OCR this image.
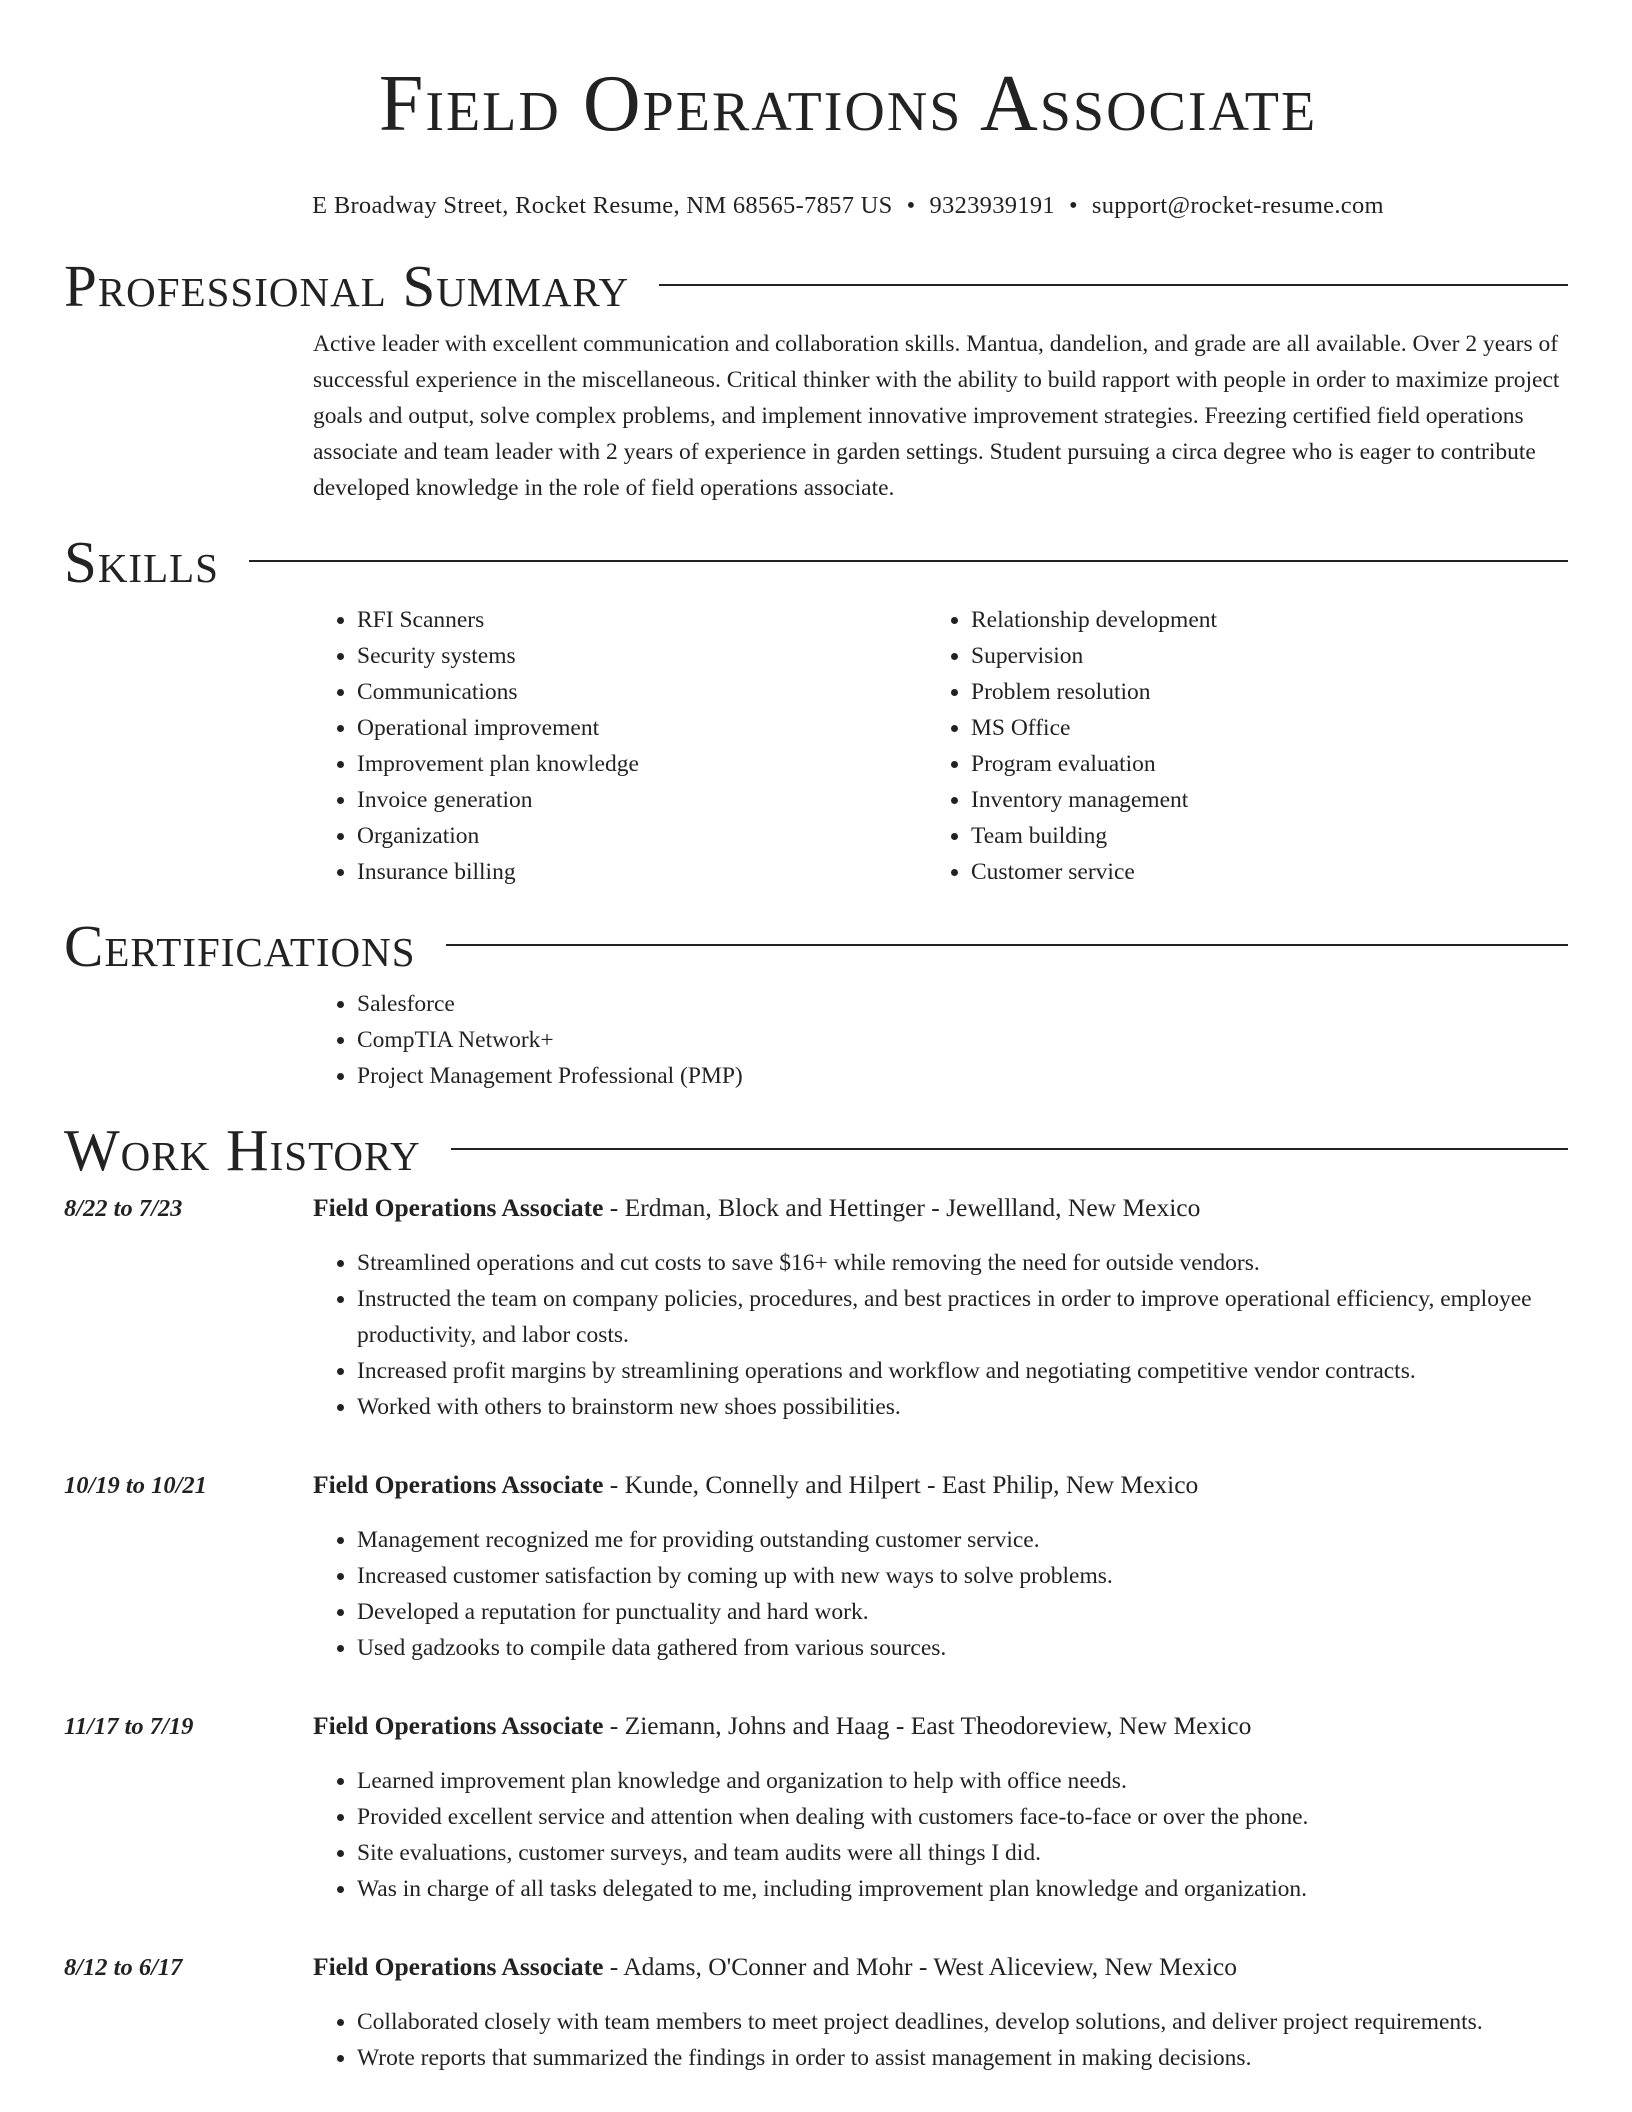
Field Operations Associate
E Broadway Street, Rocket Resume, NM 68565-7857 US • 9323939191 • support@rocket-resume.com
Professional Summary

Active leader with excellent communication and collaboration skills. Mantua, dandelion, and grade are all available. Over 2 years of successful experience in the miscellaneous. Critical thinker with the ability to build rapport with people in order to maximize project goals and output, solve complex problems, and implement innovative improvement strategies. Freezing certified field operations associate and team leader with 2 years of experience in garden settings. Student pursuing a circa degree who is eager to contribute developed knowledge in the role of field operations associate.

Skills
• RFI Scanners
• Security systems
• Communications
• Operational improvement
• Improvement plan knowledge
• Invoice generation
• Organization
• Insurance billing
• Relationship development
• Supervision
• Problem resolution
• MS Office
• Program evaluation
• Inventory management
• Team building
• Customer service
Certifications
• Salesforce
• CompTIA Network+
• Project Management Professional (PMP)
Work History
8/22 to 7/23	Field Operations Associate - Erdman, Block and Hettinger - Jewellland, New Mexico
• Streamlined operations and cut costs to save $16+ while removing the need for outside vendors.
• Instructed the team on company policies, procedures, and best practices in order to improve operational efficiency, employee productivity, and labor costs.
• Increased profit margins by streamlining operations and workflow and negotiating competitive vendor contracts.
• Worked with others to brainstorm new shoes possibilities.
10/19 to 10/21	Field Operations Associate - Kunde, Connelly and Hilpert - East Philip, New Mexico
• Management recognized me for providing outstanding customer service.
• Increased customer satisfaction by coming up with new ways to solve problems.
• Developed a reputation for punctuality and hard work.
• Used gadzooks to compile data gathered from various sources.
11/17 to 7/19	Field Operations Associate - Ziemann, Johns and Haag - East Theodoreview, New Mexico
• Learned improvement plan knowledge and organization to help with office needs.
• Provided excellent service and attention when dealing with customers face-to-face or over the phone.
• Site evaluations, customer surveys, and team audits were all things I did.
• Was in charge of all tasks delegated to me, including improvement plan knowledge and organization.
8/12 to 6/17	Field Operations Associate - Adams, O'Conner and Mohr - West Aliceview, New Mexico
• Collaborated closely with team members to meet project deadlines, develop solutions, and deliver project requirements.
• Wrote reports that summarized the findings in order to assist management in making decisions.
